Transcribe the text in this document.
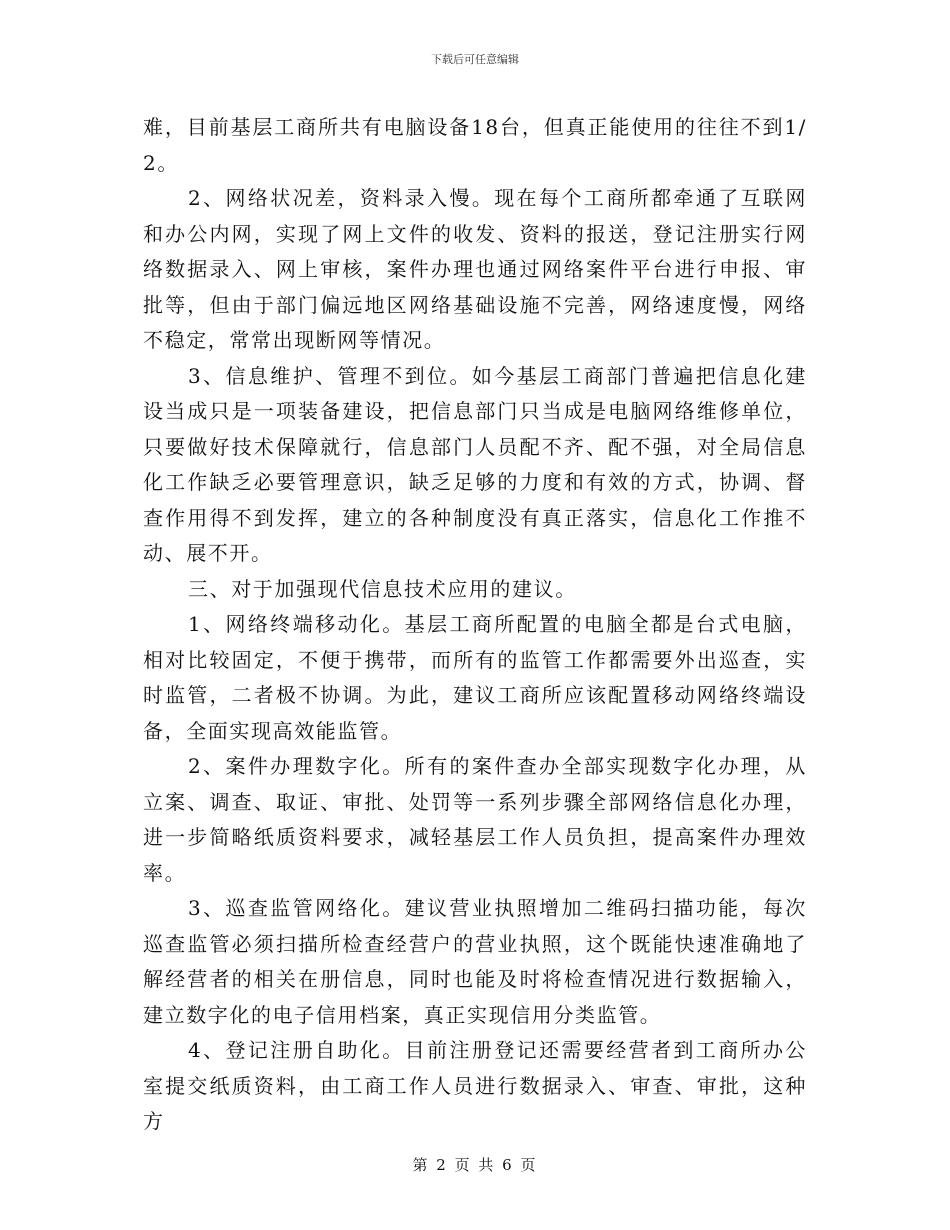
下载后可任意编辑

难，目前基层工商所共有电脑设备18台，但真正能使用的往往不到1/2。

2、网络状况差，资料录入慢。现在每个工商所都牵通了互联网和办公内网，实现了网上文件的收发、资料的报送，登记注册实行网络数据录入、网上审核，案件办理也通过网络案件平台进行申报、审批等，但由于部门偏远地区网络基础设施不完善，网络速度慢，网络不稳定，常常出现断网等情况。

3、信息维护、管理不到位。如今基层工商部门普遍把信息化建设当成只是一项装备建设，把信息部门只当成是电脑网络维修单位，只要做好技术保障就行，信息部门人员配不齐、配不强，对全局信息化工作缺乏必要管理意识，缺乏足够的力度和有效的方式，协调、督查作用得不到发挥，建立的各种制度没有真正落实，信息化工作推不动、展不开。

三、对于加强现代信息技术应用的建议。

1、网络终端移动化。基层工商所配置的电脑全都是台式电脑，相对比较固定，不便于携带，而所有的监管工作都需要外出巡查，实时监管，二者极不协调。为此，建议工商所应该配置移动网络终端设备，全面实现高效能监管。

2、案件办理数字化。所有的案件查办全部实现数字化办理，从立案、调查、取证、审批、处罚等一系列步骤全部网络信息化办理，进一步简略纸质资料要求，减轻基层工作人员负担，提高案件办理效率。

3、巡查监管网络化。建议营业执照增加二维码扫描功能，每次巡查监管必须扫描所检查经营户的营业执照，这个既能快速准确地了解经营者的相关在册信息，同时也能及时将检查情况进行数据输入，建立数字化的电子信用档案，真正实现信用分类监管。

4、登记注册自助化。目前注册登记还需要经营者到工商所办公室提交纸质资料，由工商工作人员进行数据录入、审查、审批，这种方

第 2 页 共 6 页
